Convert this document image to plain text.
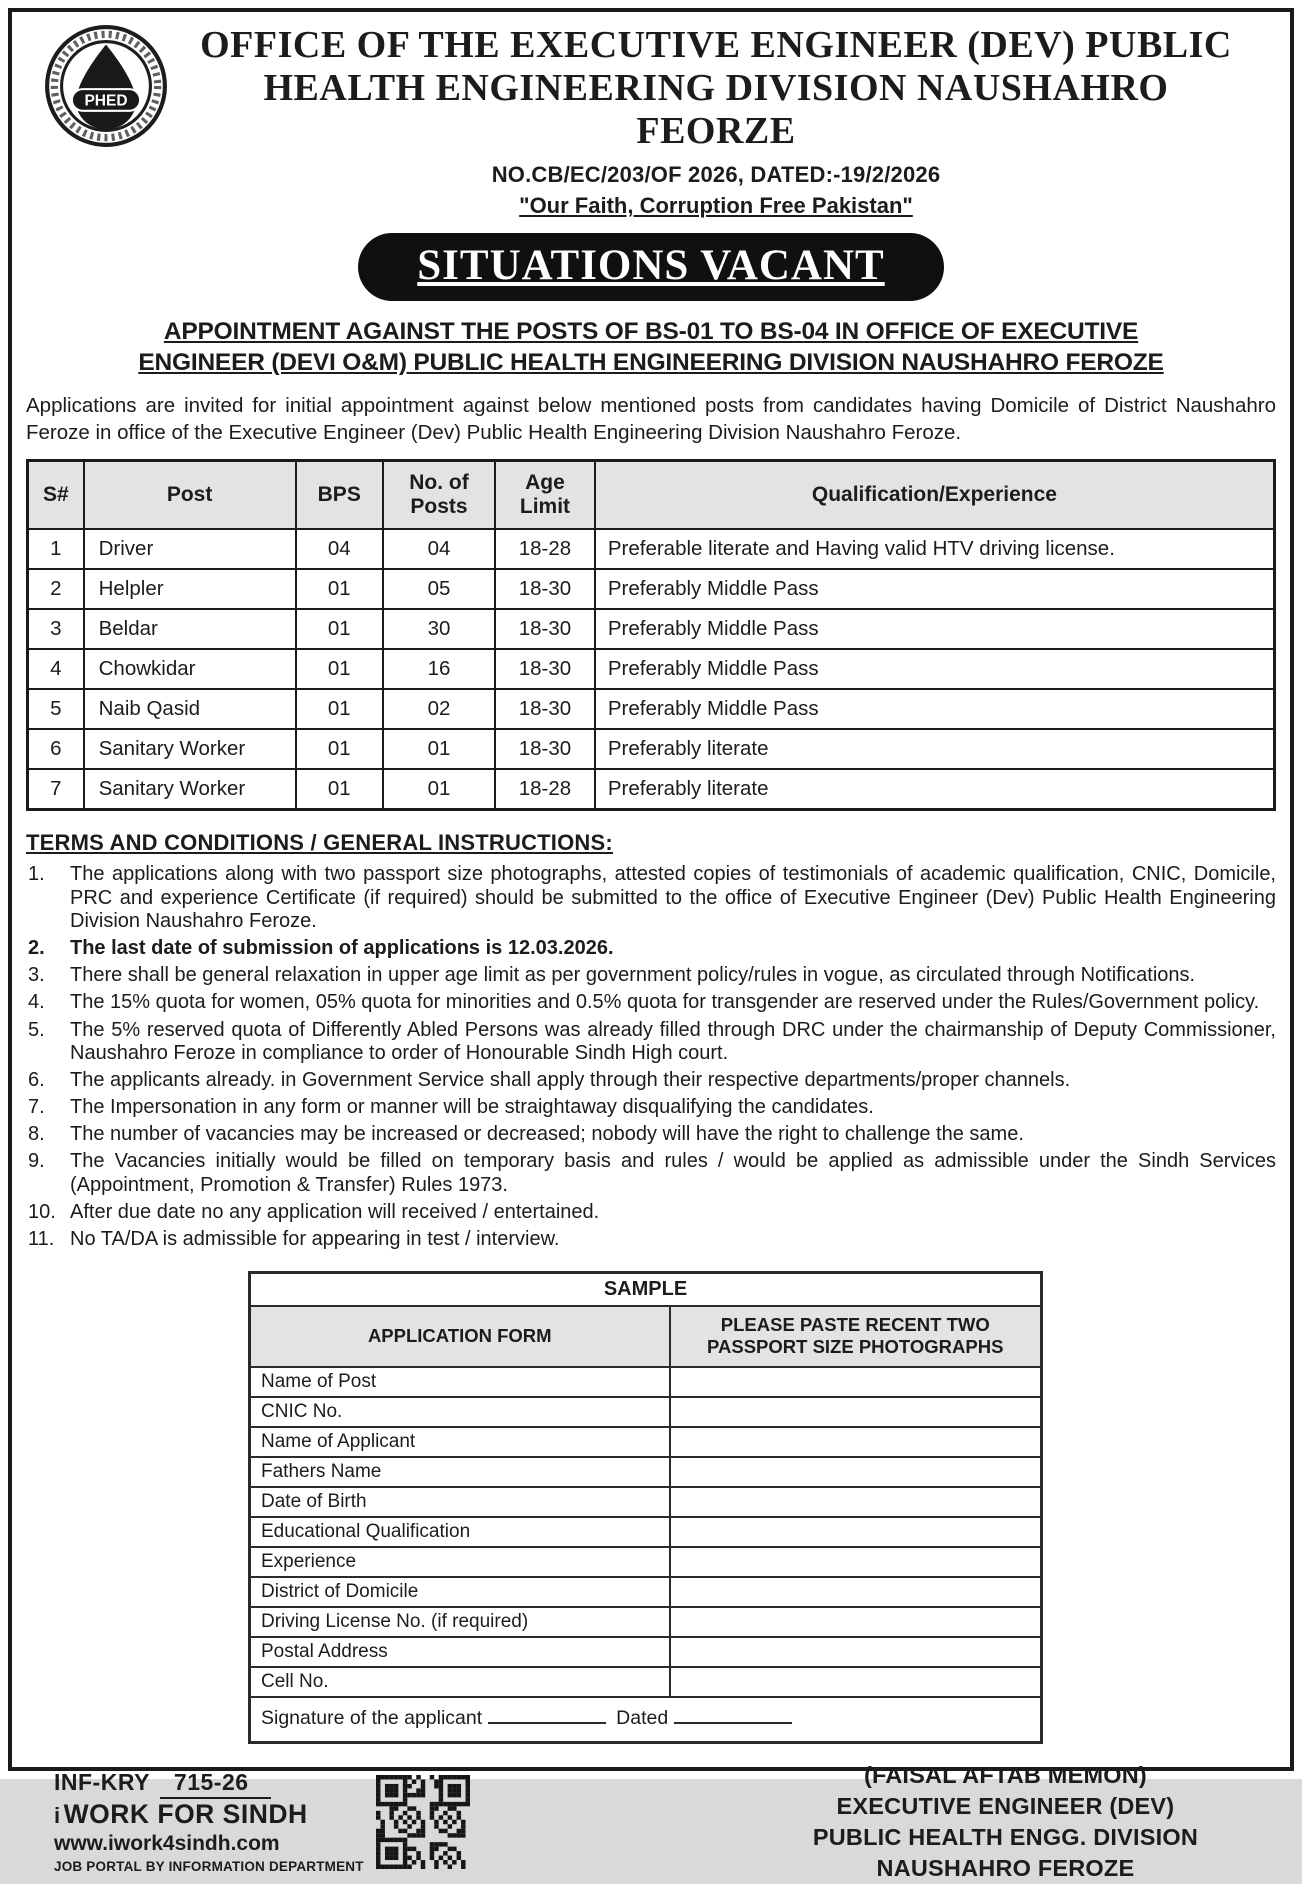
PHED
OFFICE OF THE EXECUTIVE ENGINEER (DEV) PUBLIC
HEALTH ENGINEERING DIVISION NAUSHAHRO FEORZE
NO.CB/EC/203/OF 2026, DATED:-19/2/2026
"Our Faith, Corruption Free Pakistan"
SITUATIONS VACANT
APPOINTMENT AGAINST THE POSTS OF BS-01 TO BS-04 IN OFFICE OF EXECUTIVE
ENGINEER (DEVI O&M) PUBLIC HEALTH ENGINEERING DIVISION NAUSHAHRO FEROZE

Applications are invited for initial appointment against below mentioned posts from candidates having Domicile of District Naushahro Feroze in office of the Executive Engineer (Dev) Public Health Engineering Division Naushahro Feroze.

S#	Post	BPS	No. of Posts	Age Limit	Qualification/Experience
1	Driver	04	04	18-28	Preferable literate and Having valid HTV driving license.
2	Helpler	01	05	18-30	Preferably Middle Pass
3	Beldar	01	30	18-30	Preferably Middle Pass
4	Chowkidar	01	16	18-30	Preferably Middle Pass
5	Naib Qasid	01	02	18-30	Preferably Middle Pass
6	Sanitary Worker	01	01	18-30	Preferably literate
7	Sanitary Worker	01	01	18-28	Preferably literate
TERMS AND CONDITIONS / GENERAL INSTRUCTIONS:
1.	The applications along with two passport size photographs, attested copies of testimonials of academic qualification, CNIC, Domicile, PRC and experience Certificate (if required) should be submitted to the office of Executive Engineer (Dev) Public Health Engineering Division Naushahro Feroze.
2.	The last date of submission of applications is 12.03.2026.
3.	There shall be general relaxation in upper age limit as per government policy/rules in vogue, as circulated through Notifications.
4.	The 15% quota for women, 05% quota for minorities and 0.5% quota for transgender are reserved under the Rules/Government policy.
5.	The 5% reserved quota of Differently Abled Persons was already filled through DRC under the chairmanship of Deputy Commissioner, Naushahro Feroze in compliance to order of Honourable Sindh High court.
6.	The applicants already. in Government Service shall apply through their respective departments/proper channels.
7.	The Impersonation in any form or manner will be straightaway disqualifying the candidates.
8.	The number of vacancies may be increased or decreased; nobody will have the right to challenge the same.
9.	The Vacancies initially would be filled on temporary basis and rules / would be applied as admissible under the Sindh Services (Appointment, Promotion & Transfer) Rules 1973.
10. After due date no any application will received / entertained.
11. No TA/DA is admissible for appearing in test / interview.
SAMPLE	
APPLICATION FORM	PLEASE PASTE RECENT TWO PASSPORT SIZE PHOTOGRAPHS
Name of Post	
CNIC No.	
Name of Applicant	
Fathers Name	
Date of Birth	
Educational Qualification	
Experience	
District of Domicile	
Driving License No. (if required)	
Postal Address	
Cell No.	
Signature of the applicant Dated	
INF-KRY 715-26
i WORK FOR SINDH
www.iwork4sindh.com
JOB PORTAL BY INFORMATION DEPARTMENT
(FAISAL AFTAB MEMON)
EXECUTIVE ENGINEER (DEV)
PUBLIC HEALTH ENGG. DIVISION
NAUSHAHRO FEROZE
